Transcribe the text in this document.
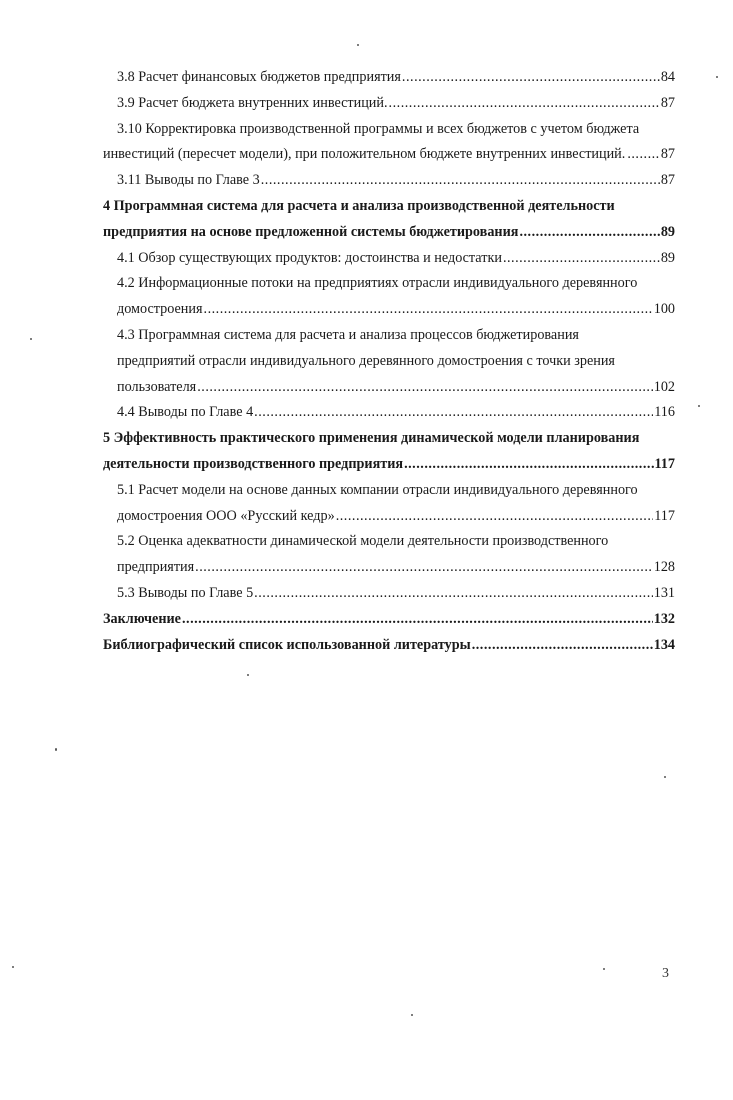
3.8 Расчет финансовых бюджетов предприятия .....	84
3.9 Расчет бюджета внутренних инвестиций. .....	87
3.10 Корректировка производственной программы и всех бюджетов с учетом бюджета
инвестиций (пересчет модели), при положительном бюджете внутренних инвестиций. ..... 87
3.11 Выводы по Главе 3 .....	87
4 Программная система для расчета и анализа производственной деятельности
предприятия на основе предложенной системы бюджетирования .....	89
4.1 Обзор существующих продуктов: достоинства и недостатки .....	89
4.2 Информационные потоки на предприятиях отрасли индивидуального деревянного
домостроения .....	100
4.3 Программная система для расчета и анализа процессов бюджетирования
предприятий отрасли индивидуального деревянного домостроения с точки зрения
пользователя .....	102
4.4 Выводы по Главе 4 .....	116
5 Эффективность практического применения динамической модели планирования
деятельности производственного предприятия .....	117
5.1 Расчет модели на основе данных компании отрасли индивидуального деревянного
домостроения ООО «Русский кедр» .....	117
5.2 Оценка адекватности динамической модели деятельности производственного
предприятия .....	128
5.3 Выводы по Главе 5 .....	131
Заключение .....	132
Библиографический список использованной литературы .....	134
3
